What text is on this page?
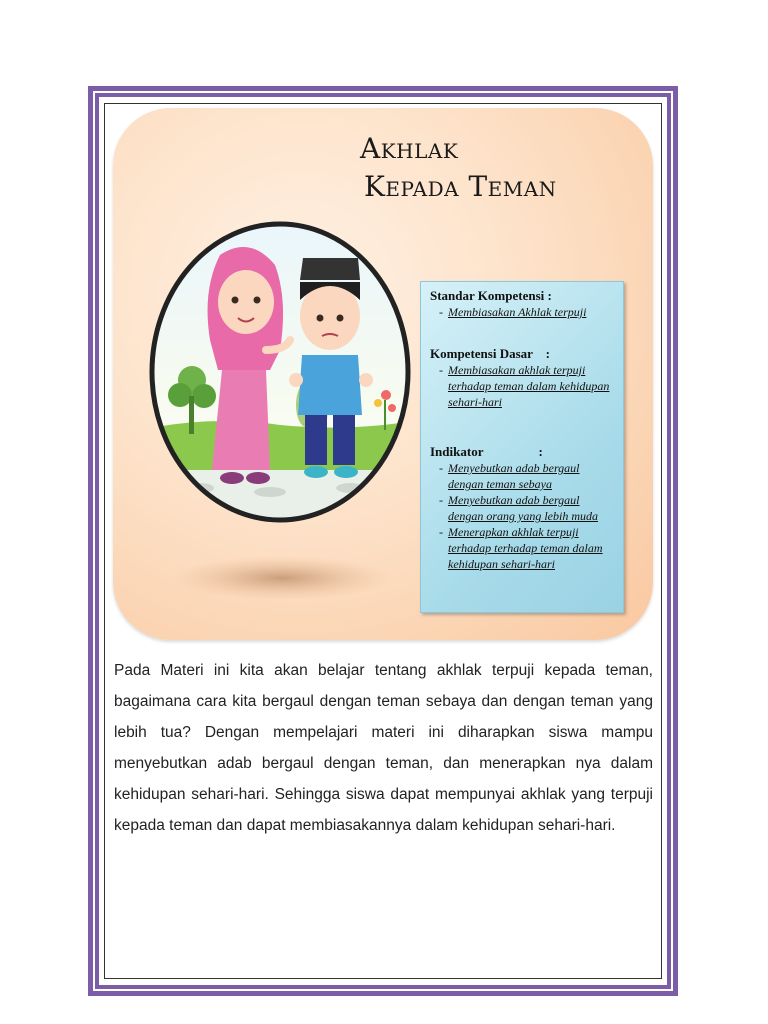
Akhlak
Kepada Teman
Standar Kompetensi :
- Membiasakan Akhlak terpuji
Kompetensi Dasar    :
- Membiasakan akhlak terpuji terhadap teman dalam kehidupan sehari-hari
Indikator                 :
- Menyebutkan adab bergaul dengan teman sebaya
- Menyebutkan adab bergaul dengan orang yang lebih muda
- Menerapkan akhlak terpuji terhadap terhadap teman dalam kehidupan sehari-hari

Pada Materi ini kita akan belajar tentang akhlak terpuji kepada teman, bagaimana cara kita bergaul dengan teman sebaya dan dengan teman yang lebih tua? Dengan mempelajari materi ini diharapkan siswa mampu menyebutkan adab bergaul dengan teman, dan menerapkan nya dalam kehidupan sehari-hari. Sehingga siswa dapat mempunyai akhlak yang terpuji kepada teman dan dapat membiasakannya dalam kehidupan sehari-hari.
